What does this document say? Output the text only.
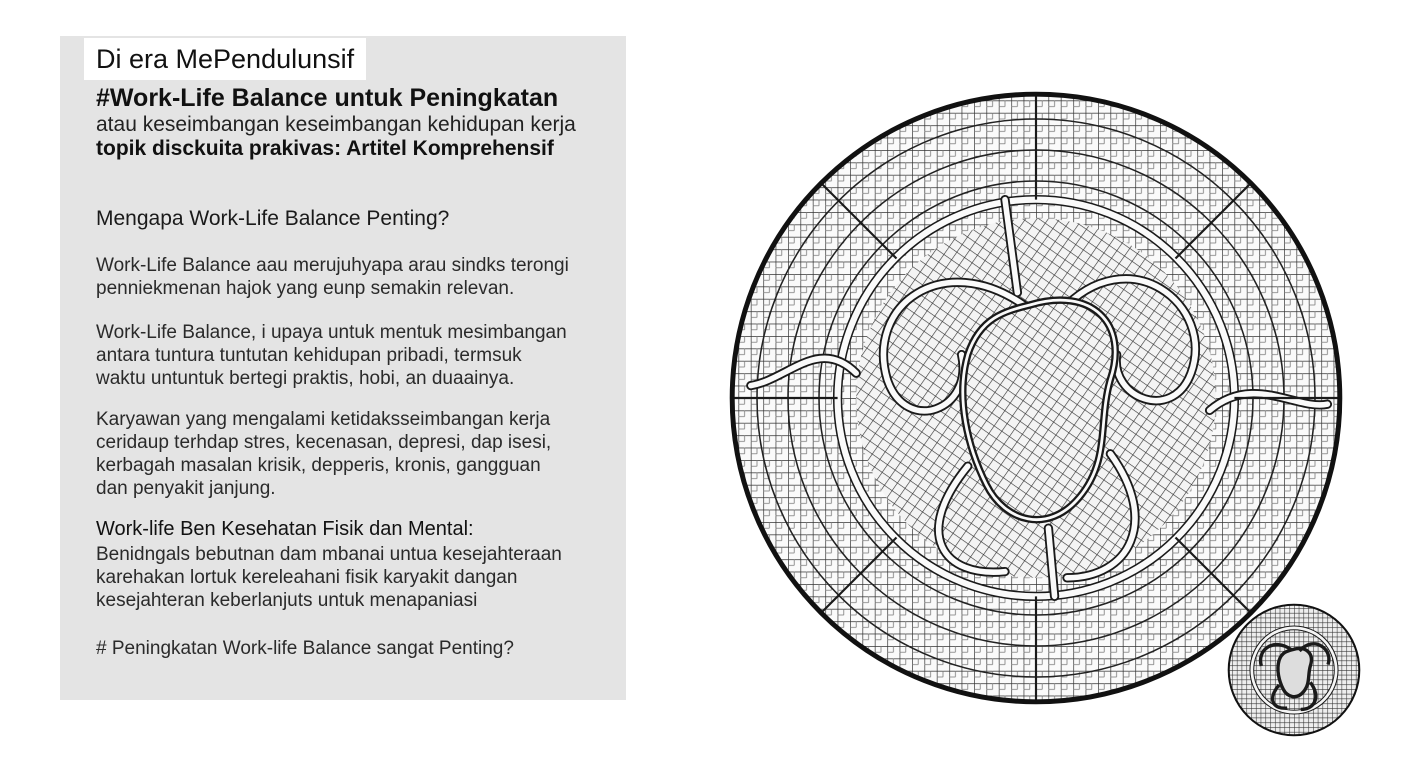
Di era MePendulunsif

#Work-Life Balance untuk Peningkatan

atau keseimbangan keseimbangan kehidupan kerja

topik disckuita prakivas: Artitel Komprehensif

Mengapa Work-Life Balance Penting?

Work-Life Balance aau merujuhyapa arau sindks terongi
penniekmenan hajok yang eunp semakin relevan.

Work-Life Balance, i upaya untuk mentuk mesimbangan
antara tuntura tuntutan kehidupan pribadi, termsuk
waktu untuntuk bertegi praktis, hobi, an duaainya.

Karyawan yang mengalami ketidaksseimbangan kerja
ceridaup terhdap stres, kecenasan, depresi, dap isesi,
kerbagah masalan krisik, depperis, kronis, gangguan
dan penyakit janjung.

Work-life Ben Kesehatan Fisik dan Mental:

Benidngals bebutnan dam mbanai untua kesejahteraan
karehakan lortuk kereleahani fisik karyakit dangan
kesejahteran keberlanjuts untuk menapaniasi

# Peningkatan Work-life Balance sangat Penting?
